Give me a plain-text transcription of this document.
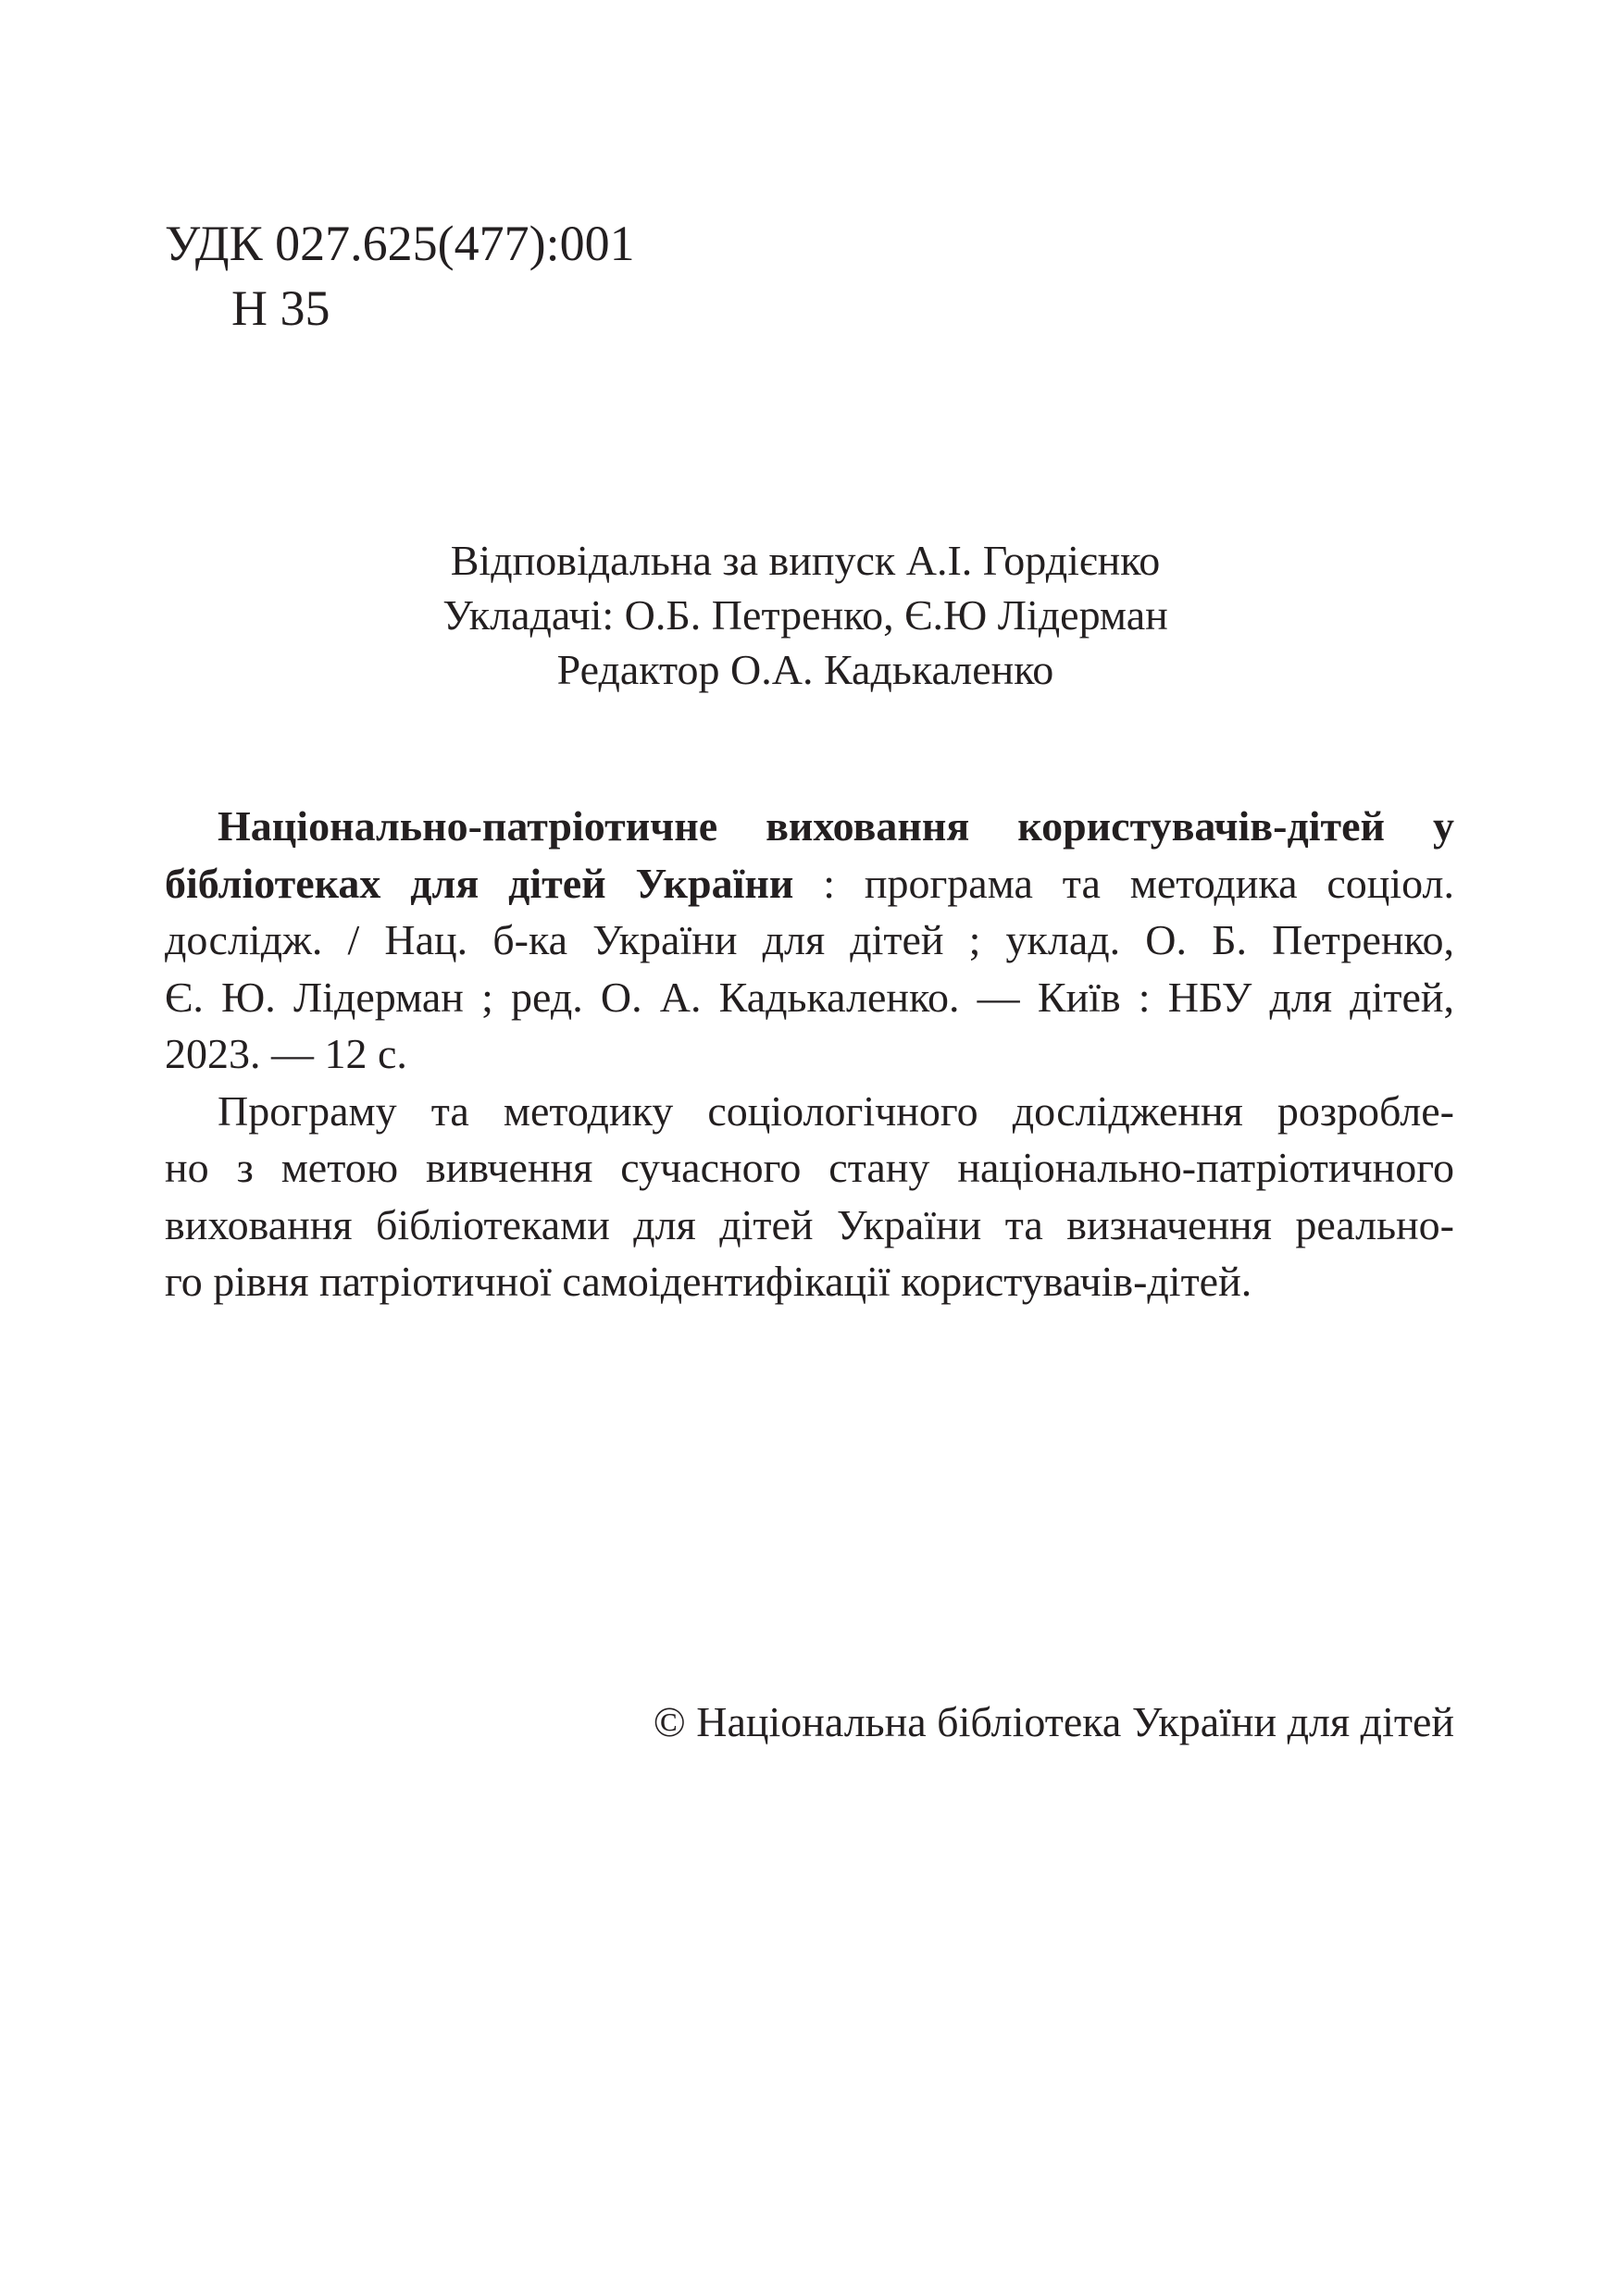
УДК 027.625(477):001
Н 35
Відповідальна за випуск А.І. Гордієнко
Укладачі: О.Б. Петренко, Є.Ю Лідерман
Редактор О.А. Кадькаленко
Національно-патріотичне виховання користувачів-дітей у
бібліотеках для дітей України : програма та методика соціол.
дослідж. / Нац. б-ка України для дітей ; уклад. О. Б. Петренко,
Є. Ю. Лідерман ; ред. О. А. Кадькаленко. — Київ : НБУ для дітей,
2023. — 12 с.
Програму та методику соціологічного дослідження розробле-
но з метою вивчення сучасного стану національно-патріотичного
виховання бібліотеками для дітей України та визначення реально-
го рівня патріотичної самоідентифікації користувачів-дітей.
© Національна бібліотека України для дітей
